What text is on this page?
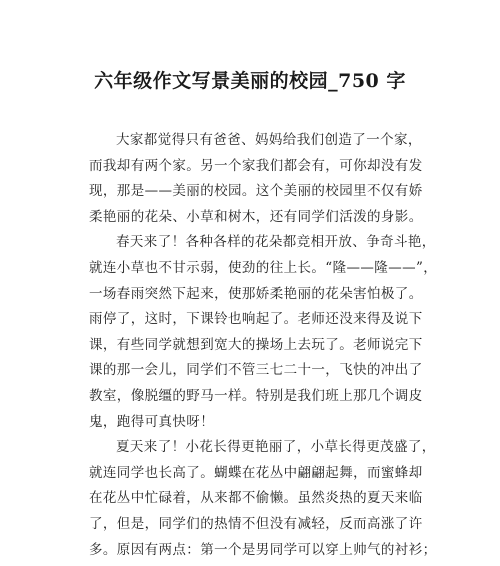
六年级作文写景美丽的校园_750 字
大家都觉得只有爸爸、妈妈给我们创造了一个家，
而我却有两个家。另一个家我们都会有，可你却没有发
现，那是——美丽的校园。这个美丽的校园里不仅有娇
柔艳丽的花朵、小草和树木，还有同学们活泼的身影。
春天来了！各种各样的花朵都竞相开放、争奇斗艳，
就连小草也不甘示弱，使劲的往上长。“隆——隆——”，
一场春雨突然下起来，使那娇柔艳丽的花朵害怕极了。
雨停了，这时，下课铃也响起了。老师还没来得及说下
课，有些同学就想到宽大的操场上去玩了。老师说完下
课的那一会儿，同学们不管三七二十一，飞快的冲出了
教室，像脱缰的野马一样。特别是我们班上那几个调皮
鬼，跑得可真快呀！
夏天来了！小花长得更艳丽了，小草长得更茂盛了，
就连同学也长高了。蝴蝶在花丛中翩翩起舞，而蜜蜂却
在花丛中忙碌着，从来都不偷懒。虽然炎热的夏天来临
了，但是，同学们的热情不但没有减轻，反而高涨了许
多。原因有两点：第一个是男同学可以穿上帅气的衬衫；
